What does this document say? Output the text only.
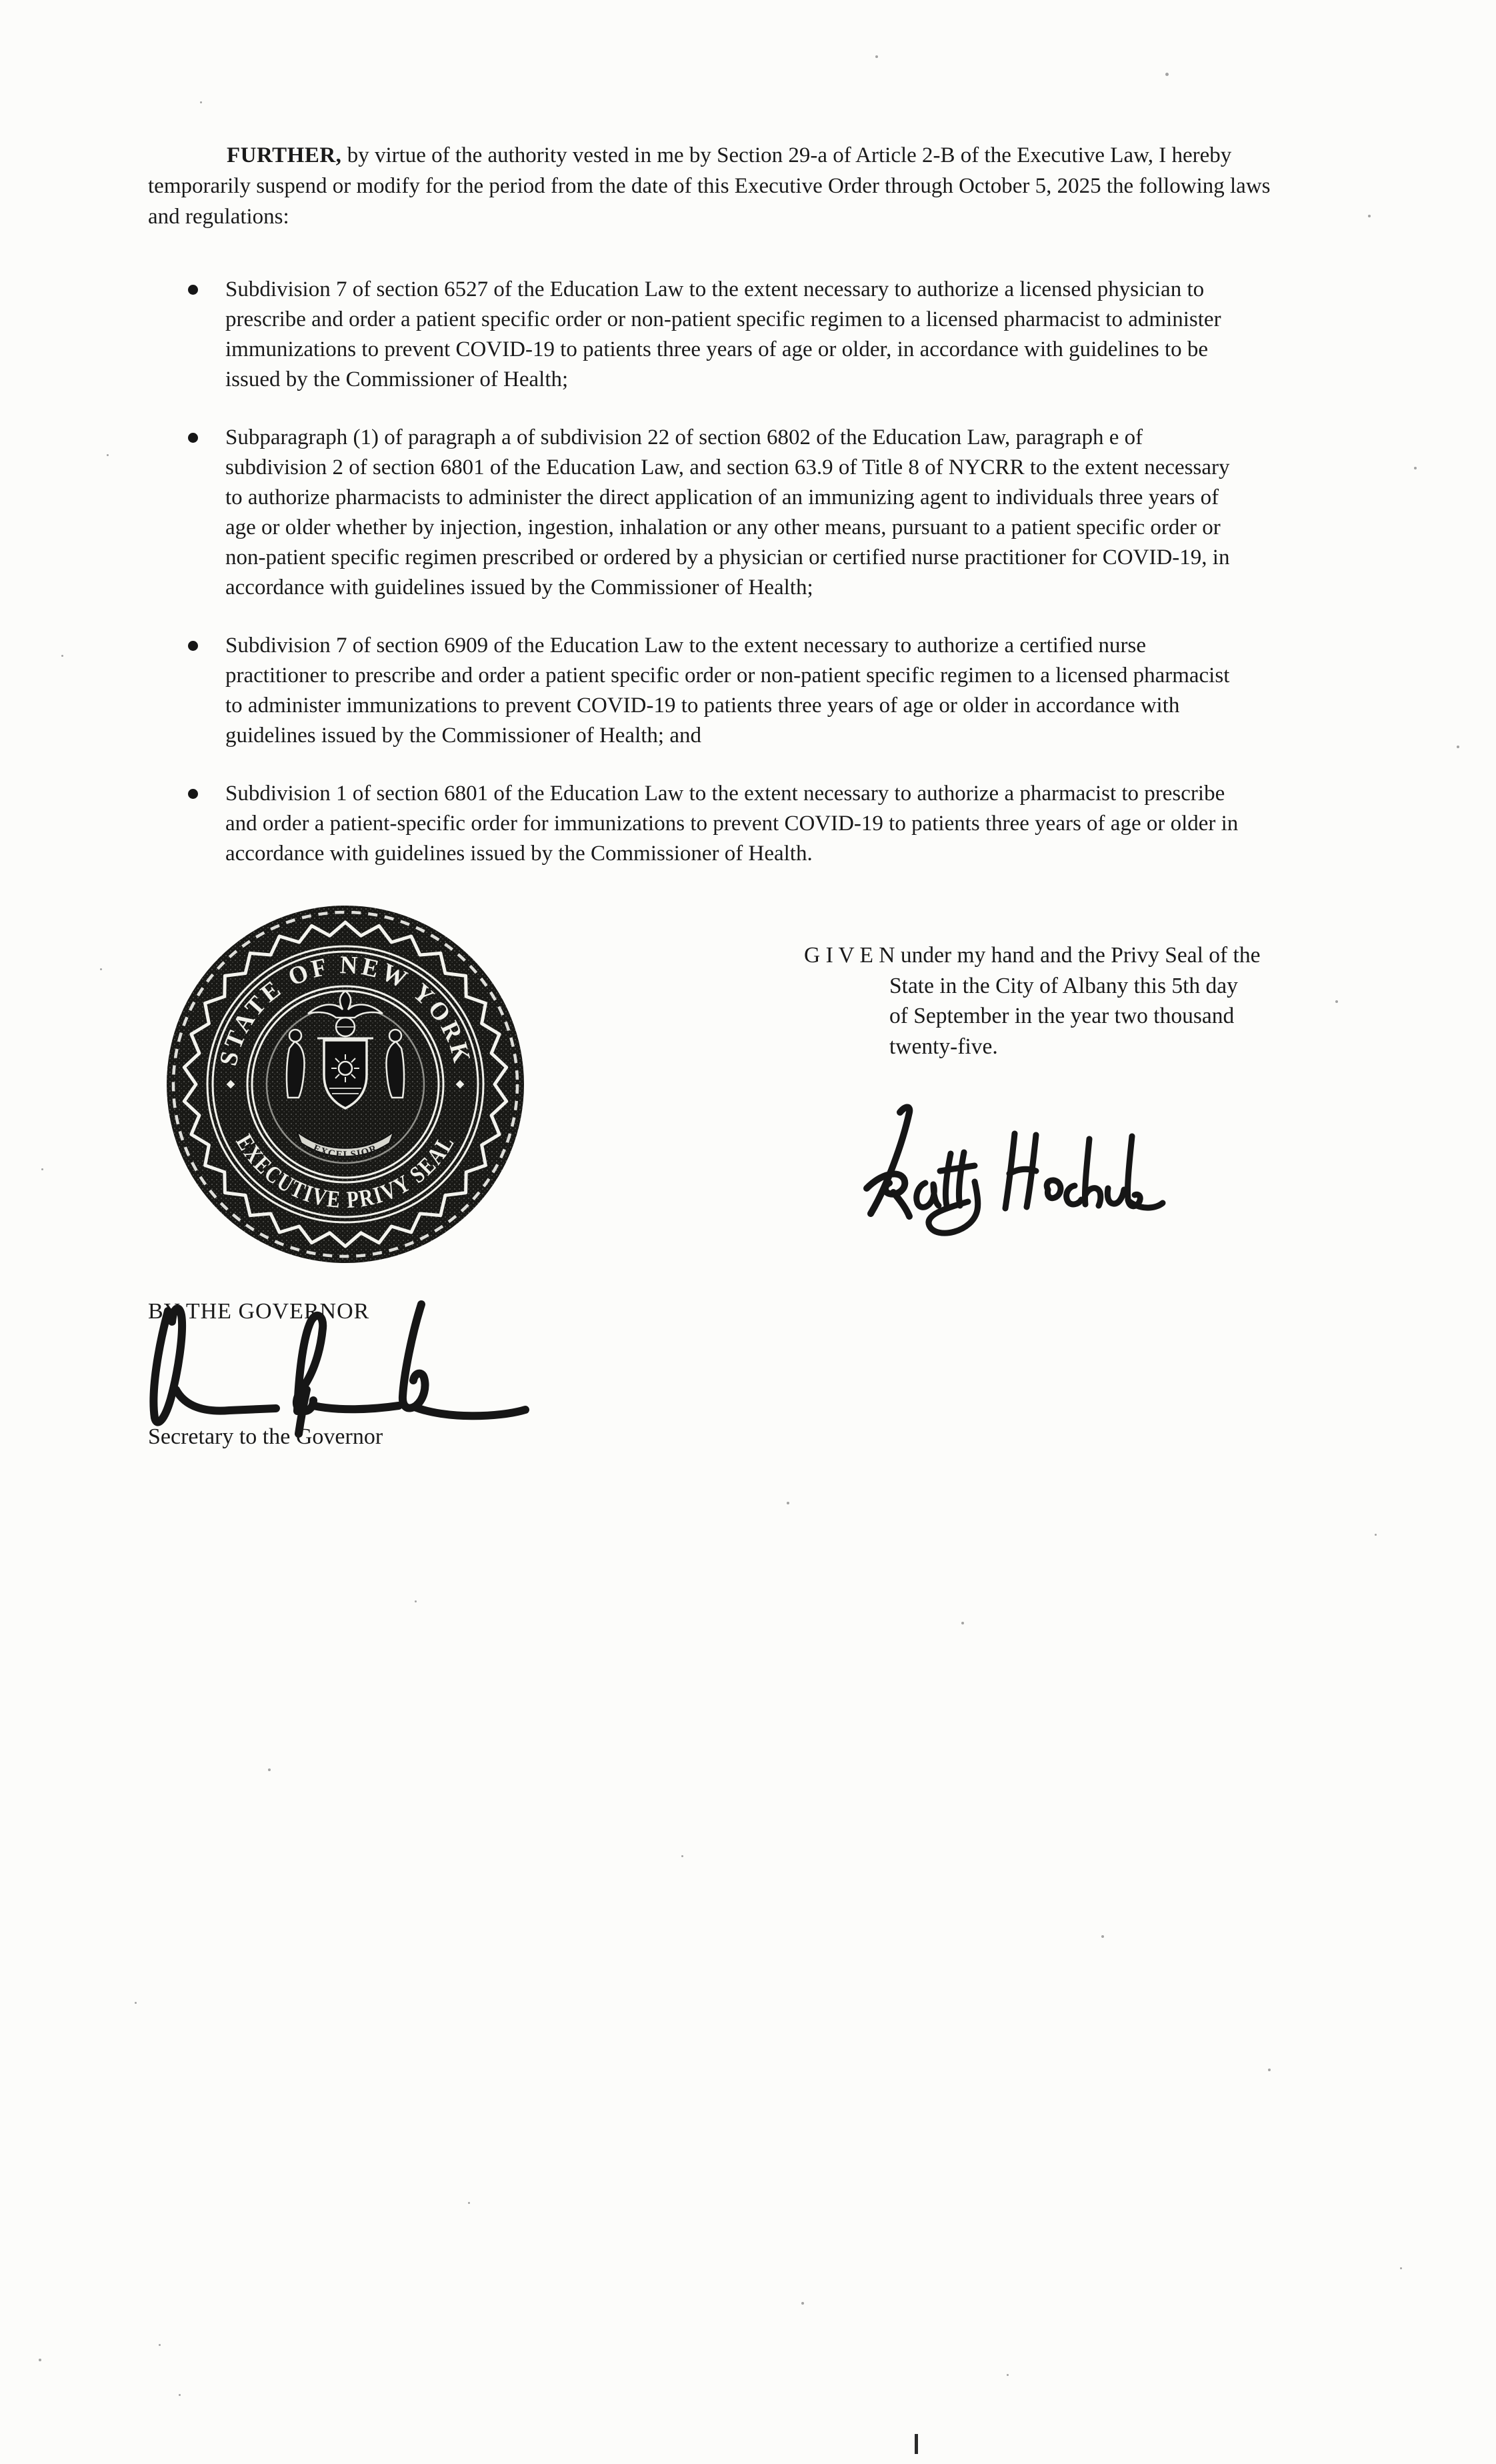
FURTHER, by virtue of the authority vested in me by Section 29-a of Article 2-B of the Executive Law, I hereby temporarily suspend or modify for the period from the date of this Executive Order through October 5, 2025 the following laws and regulations:

Subdivision 7 of section 6527 of the Education Law to the extent necessary to authorize a licensed physician to prescribe and order a patient specific order or non-patient specific regimen to a licensed pharmacist to administer immunizations to prevent COVID-19 to patients three years of age or older, in accordance with guidelines to be issued by the Commissioner of Health;
Subparagraph (1) of paragraph a of subdivision 22 of section 6802 of the Education Law, paragraph e of subdivision 2 of section 6801 of the Education Law, and section 63.9 of Title 8 of NYCRR to the extent necessary to authorize pharmacists to administer the direct application of an immunizing agent to individuals three years of age or older whether by injection, ingestion, inhalation or any other means, pursuant to a patient specific order or non-patient specific regimen prescribed or ordered by a physician or certified nurse practitioner for COVID-19, in accordance with guidelines issued by the Commissioner of Health;
Subdivision 7 of section 6909 of the Education Law to the extent necessary to authorize a certified nurse practitioner to prescribe and order a patient specific order or non-patient specific regimen to a licensed pharmacist to administer immunizations to prevent COVID-19 to patients three years of age or older in accordance with guidelines issued by the Commissioner of Health; and
Subdivision 1 of section 6801 of the Education Law to the extent necessary to authorize a pharmacist to prescribe and order a patient-specific order for immunizations to prevent COVID-19 to patients three years of age or older in accordance with guidelines issued by the Commissioner of Health.
STATE OF NEW YORK
EXECUTIVE PRIVY SEAL
EXCELSIOR
G I V E N under my hand and the Privy Seal of the
State in the City of Albany this 5th day
of September in the year two thousand
twenty-five.
BY THE GOVERNOR
Secretary to the Governor
